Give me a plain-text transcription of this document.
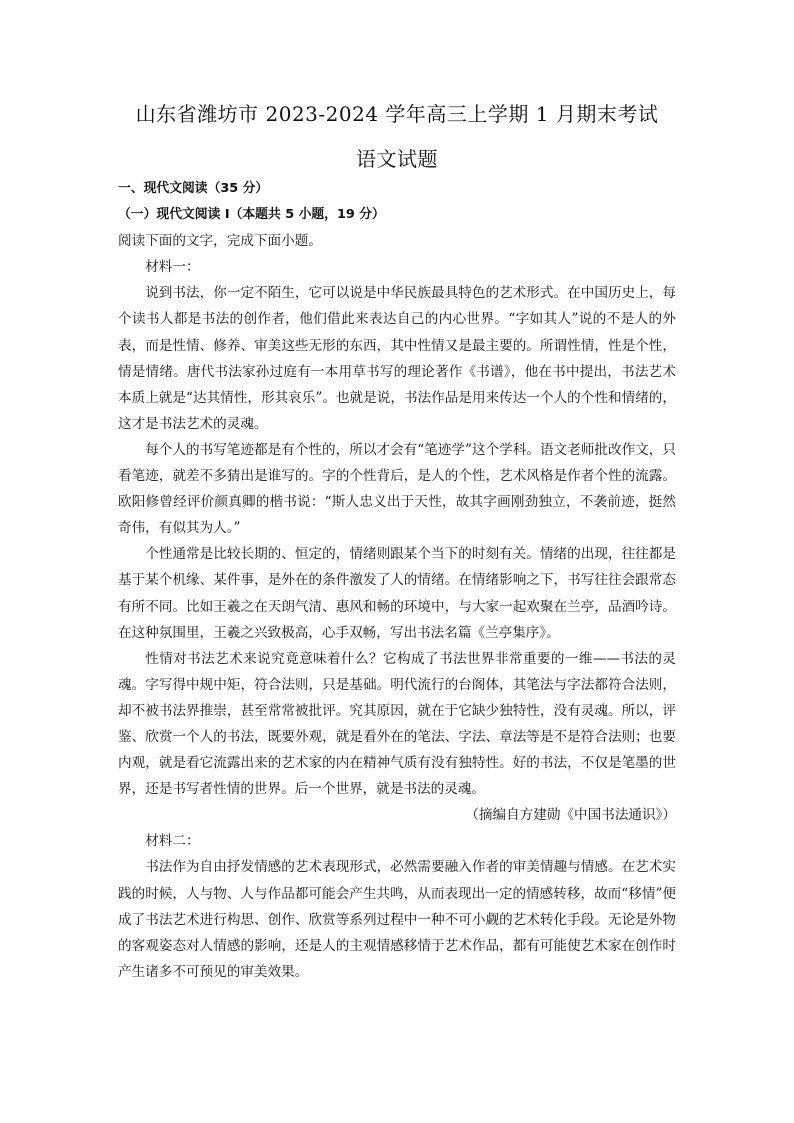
山东省潍坊市 2023-2024 学年高三上学期 1 月期末考试
语文试题

一、现代文阅读（35 分）

（一）现代文阅读 I（本题共 5 小题，19 分）

阅读下面的文字，完成下面小题。

材料一：

说到书法，你一定不陌生，它可以说是中华民族最具特色的艺术形式。在中国历史上，每个读书人都是书法的创作者，他们借此来表达自己的内心世界。“字如其人”说的不是人的外表，而是性情、修养、审美这些无形的东西，其中性情又是最主要的。所谓性情，性是个性，情是情绪。唐代书法家孙过庭有一本用草书写的理论著作《书谱》，他在书中提出，书法艺术本质上就是“达其情性，形其哀乐”。也就是说，书法作品是用来传达一个人的个性和情绪的，这才是书法艺术的灵魂。

每个人的书写笔迹都是有个性的，所以才会有“笔迹学”这个学科。语文老师批改作文，只看笔迹，就差不多猜出是谁写的。字的个性背后，是人的个性，艺术风格是作者个性的流露。欧阳修曾经评价颜真卿的楷书说：“斯人忠义出于天性，故其字画刚劲独立，不袭前迹，挺然奇伟，有似其为人。”

个性通常是比较长期的、恒定的，情绪则跟某个当下的时刻有关。情绪的出现，往往都是基于某个机缘、某件事，是外在的条件激发了人的情绪。在情绪影响之下，书写往往会跟常态有所不同。比如王羲之在天朗气清、惠风和畅的环境中，与大家一起欢聚在兰亭，品酒吟诗。在这种氛围里，王羲之兴致极高，心手双畅，写出书法名篇《兰亭集序》。

性情对书法艺术来说究竟意味着什么？它构成了书法世界非常重要的一维——书法的灵魂。字写得中规中矩，符合法则，只是基础。明代流行的台阁体，其笔法与字法都符合法则，却不被书法界推崇，甚至常常被批评。究其原因，就在于它缺少独特性，没有灵魂。所以，评鉴、欣赏一个人的书法，既要外观，就是看外在的笔法、字法、章法等是不是符合法则；也要内观，就是看它流露出来的艺术家的内在精神气质有没有独特性。好的书法，不仅是笔墨的世界，还是书写者性情的世界。后一个世界，就是书法的灵魂。

（摘编自方建勋《中国书法通识》）

材料二：

书法作为自由抒发情感的艺术表现形式，必然需要融入作者的审美情趣与情感。在艺术实践的时候，人与物、人与作品都可能会产生共鸣，从而表现出一定的情感转移，故而“移情”便成了书法艺术进行构思、创作、欣赏等系列过程中一种不可小觑的艺术转化手段。无论是外物的客观姿态对人情感的影响，还是人的主观情感移情于艺术作品，都有可能使艺术家在创作时产生诸多不可预见的审美效果。
